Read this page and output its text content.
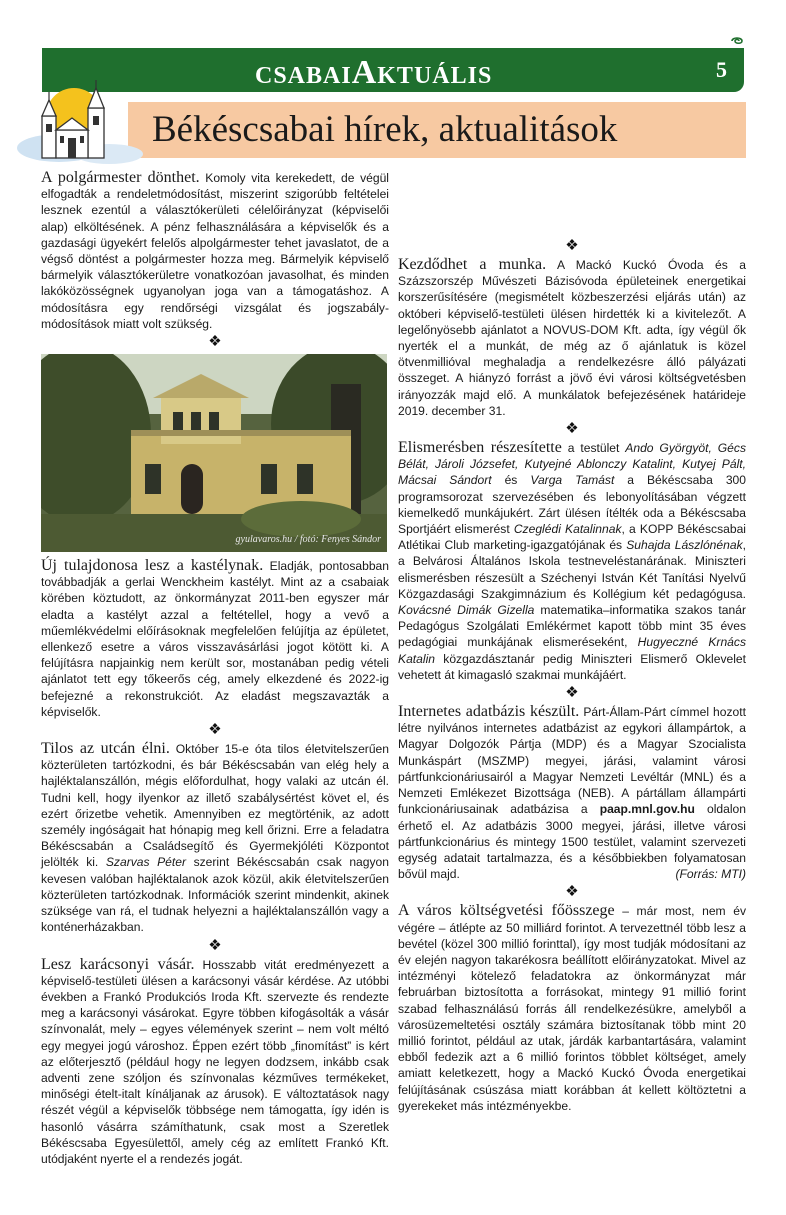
CSABAIAKTUÁLIS	5
Békéscsabai hírek, aktualitások

A polgármester dönthet. Komoly vita kerekedett, de végül elfogadták a rendeletmódosítást, miszerint szigorúbb feltételei lesznek ezentúl a választókerületi célelőirányzat (képviselői alap) elköltésének. A pénz felhasználására a képviselők és a gazdasági ügyekért felelős alpolgármester tehet javaslatot, de a végső döntést a polgármester hozza meg. Bármelyik képviselő bármelyik választókerületre vonatkozóan javasolhat, és minden lakóközösségnek ugyanolyan joga van a támogatáshoz. A módosításra egy rendőrségi vizsgálat és jogszabály-módosítások miatt volt szükség.

❖
gyulavaros.hu / fotó: Fenyes Sándor

Új tulajdonosa lesz a kastélynak. Eladják, pontosabban továbbadják a gerlai Wenckheim kastélyt. Mint az a csabaiak körében köztudott, az önkormányzat 2011-ben egyszer már eladta a kastélyt azzal a feltétellel, hogy a vevő a műemlékvédelmi előírásoknak megfelelően felújítja az épületet, ellenkező esetre a város visszavásárlási jogot kötött ki. A felújításra napjainkig nem került sor, mostanában pedig vételi ajánlatot tett egy tőkeerős cég, amely elkezdené és 2022-ig befejezné a rekonstrukciót. Az eladást megszavazták a képviselők.

❖

Tilos az utcán élni. Október 15-e óta tilos életvitelszerűen közterületen tartózkodni, és bár Békéscsabán van elég hely a hajléktalanszállón, mégis előfordulhat, hogy valaki az utcán él. Tudni kell, hogy ilyenkor az illető szabálysértést követ el, és ezért őrizetbe vehetik. Amennyiben ez megtörténik, az adott személy ingóságait hat hónapig meg kell őrizni. Erre a feladatra Békéscsabán a Családsegítő és Gyermekjóléti Központot jelölték ki. Szarvas Péter szerint Békéscsabán csak nagyon kevesen valóban hajléktalanok azok közül, akik életvitelszerűen közterületen tartózkodnak. Információk szerint mindenkit, akinek szüksége van rá, el tudnak helyezni a hajléktalanszállón vagy a konténerházakban.

❖

Lesz karácsonyi vásár. Hosszabb vitát eredményezett a képviselő-testületi ülésen a karácsonyi vásár kérdése. Az utóbbi években a Frankó Produkciós Iroda Kft. szervezte és rendezte meg a karácsonyi vásárokat. Egyre többen kifogásolták a vásár színvonalát, mely – egyes vélemények szerint – nem volt méltó egy megyei jogú városhoz. Éppen ezért több „finomítást” is kért az előterjesztő (például hogy ne legyen dodzsem, inkább csak adventi zene szóljon és színvonalas kézműves termékeket, minőségi ételt-italt kínáljanak az árusok). E változtatások nagy részét végül a képviselők többsége nem támogatta, így idén is hasonló vásárra számíthatunk, csak most a Szeretlek Békéscsaba Egyesülettől, amely cég az említett Frankó Kft. utódjaként nyerte el a rendezés jogát.

❖

Kezdődhet a munka. A Mackó Kuckó Óvoda és a Százszorszép Művészeti Bázisóvoda épületeinek energetikai korszerűsítésére (megismételt közbeszerzési eljárás után) az októberi képviselő-testületi ülésen hirdették ki a kivitelezőt. A legelőnyösebb ajánlatot a NOVUS-DOM Kft. adta, így végül ők nyerték el a munkát, de még az ő ajánlatuk is közel ötvenmillióval meghaladja a rendelkezésre álló pályázati összeget. A hiányzó forrást a jövő évi városi költségvetésben irányozzák majd elő. A munkálatok befejezésének határideje 2019. december 31.

❖

Elismerésben részesítette a testület Ando Györgyöt, Gécs Bélát, Jároli Józsefet, Kutyejné Ablonczy Katalint, Kutyej Pált, Mácsai Sándort és Varga Tamást a Békéscsaba 300 programsorozat szervezésében és lebonyolításában végzett kiemelkedő munkájukért. Zárt ülésen ítélték oda a Békéscsaba Sportjáért elismerést Czeglédi Katalinnak, a KOPP Békéscsabai Atlétikai Club marketing-igazgatójának és Suhajda Lászlónénak, a Belvárosi Általános Iskola testneveléstanárának. Miniszteri elismerésben részesült a Széchenyi István Két Tanítási Nyelvű Közgazdasági Szakgimnázium és Kollégium két pedagógusa. Kovácsné Dimák Gizella matematika–informatika szakos tanár Pedagógus Szolgálati Emlékérmet kapott több mint 35 éves pedagógiai munkájának elismeréseként, Hugyeczné Krnács Katalin közgazdásztanár pedig Miniszteri Elismerő Oklevelet vehetett át kimagasló szakmai munkájáért.

❖

Internetes adatbázis készült. Párt-Állam-Párt címmel hozott létre nyilvános internetes adatbázist az egykori állampártok, a Magyar Dolgozók Pártja (MDP) és a Magyar Szocialista Munkáspárt (MSZMP) megyei, járási, valamint városi pártfunkcionáriusairól a Magyar Nemzeti Levéltár (MNL) és a Nemzeti Emlékezet Bizottsága (NEB). A pártállam állampárti funkcionáriusainak adatbázisa a paap.mnl.gov.hu oldalon érhető el. Az adatbázis 3000 megyei, járási, illetve városi pártfunkcionárius és mintegy 1500 testület, valamint szervezeti egység adatait tartalmazza, és a későbbiekben folyamatosan bővül majd.	(Forrás: MTI)

❖

A város költségvetési főösszege – már most, nem év végére – átlépte az 50 milliárd forintot. A tervezettnél több lesz a bevétel (közel 300 millió forinttal), így most tudják módosítani az év elején nagyon takarékosra beállított előirányzatokat. Mivel az intézményi kötelező feladatokra az önkormányzat már februárban biztosította a forrásokat, mintegy 91 millió forint szabad felhasználású forrás áll rendelkezésükre, amelyből a városüzemeltetési osztály számára biztosítanak több mint 20 millió forintot, például az utak, járdák karbantartására, valamint ebből fedezik azt a 6 millió forintos többlet költséget, amely amiatt keletkezett, hogy a Mackó Kuckó Óvoda energetikai felújításának csúszása miatt korábban át kellett költöztetni a gyerekeket más intézményekbe.
